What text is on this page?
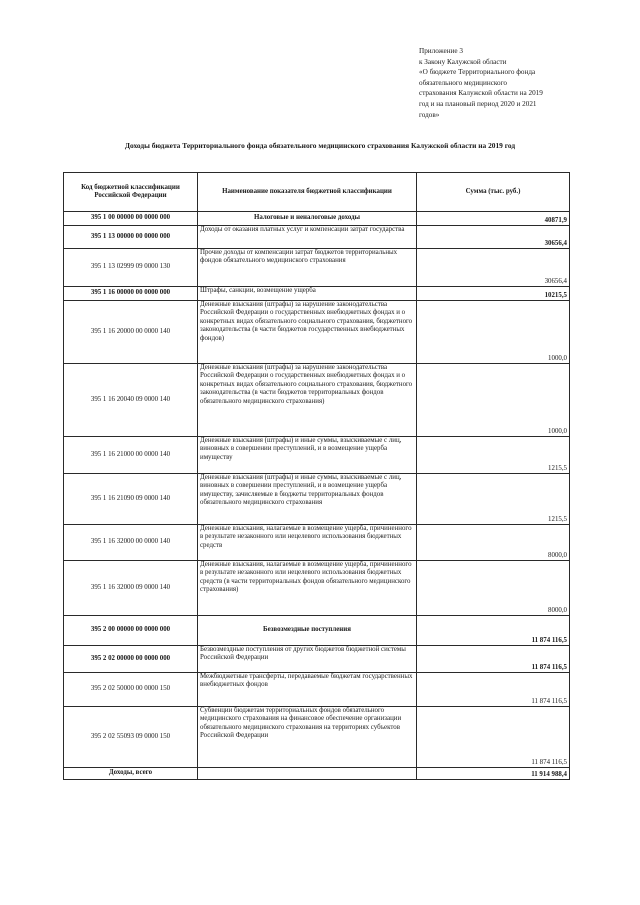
Приложение 3
к Закону Калужской области
«О бюджете Территориального фонда
обязательного медицинского
страхования Калужской области на 2019
год и на плановый период 2020 и 2021
годов»
Доходы бюджета Территориального фонда обязательного медицинского страхования Калужской области на 2019 год
Код бюджетной классификации Российской Федерации	Наименование показателя бюджетной классификации	Сумма (тыс. руб.)
395 1 00 00000 00 0000 000	Налоговые и неналоговые доходы	40871,9
395 1 13 00000 00 0000 000	Доходы от оказания платных услуг и компенсации затрат государства	30656,4
395 1 13 02999 09 0000 130	Прочие доходы от компенсации затрат бюджетов территориальных фондов обязательного медицинского страхования	30656,4
395 1 16 00000 00 0000 000	Штрафы, санкции, возмещение ущерба	10215,5
395 1 16 20000 00 0000 140	Денежные взыскания (штрафы) за нарушение законодательства Российской Федерации о государственных внебюджетных фондах и о конкретных видах обязательного социального страхования, бюджетного законодательства (в части бюджетов государственных внебюджетных фондов)	1000,0
395 1 16 20040 09 0000 140	Денежные взыскания (штрафы) за нарушение законодательства Российской Федерации о государственных внебюджетных фондах и о конкретных видах обязательного социального страхования, бюджетного законодательства (в части бюджетов территориальных фондов обязательного медицинского страхования)	1000,0
395 1 16 21000 00 0000 140	Денежные взыскания (штрафы) и иные суммы, взыскиваемые с лиц, виновных в совершении преступлений, и в возмещение ущерба имуществу	1215,5
395 1 16 21090 09 0000 140	Денежные взыскания (штрафы) и иные суммы, взыскиваемые с лиц, виновных в совершении преступлений, и в возмещение ущерба имуществу, зачисляемые в бюджеты территориальных фондов обязательного медицинского страхования	1215,5
395 1 16 32000 00 0000 140	Денежные взыскания, налагаемые в возмещение ущерба, причиненного в результате незаконного или нецелевого использования бюджетных средств	8000,0
395 1 16 32000 09 0000 140	Денежные взыскания, налагаемые в возмещение ущерба, причиненного в результате незаконного или нецелевого использования бюджетных средств (в части территориальных фондов обязательного медицинского страхования)	8000,0
395 2 00 00000 00 0000 000	Безвозмездные поступления	11 874 116,5
395 2 02 00000 00 0000 000	Безвозмездные поступления от других бюджетов бюджетной системы Российской Федерации	11 874 116,5
395 2 02 50000 00 0000 150	Межбюджетные трансферты, передаваемые бюджетам государственных внебюджетных фондов	11 874 116,5
395 2 02 55093 09 0000 150	Субвенции бюджетам территориальных фондов обязательного медицинского страхования на финансовое обеспечение организации обязательного медицинского страхования на территориях субъектов Российской Федерации	11 874 116,5
Доходы, всего		11 914 988,4
